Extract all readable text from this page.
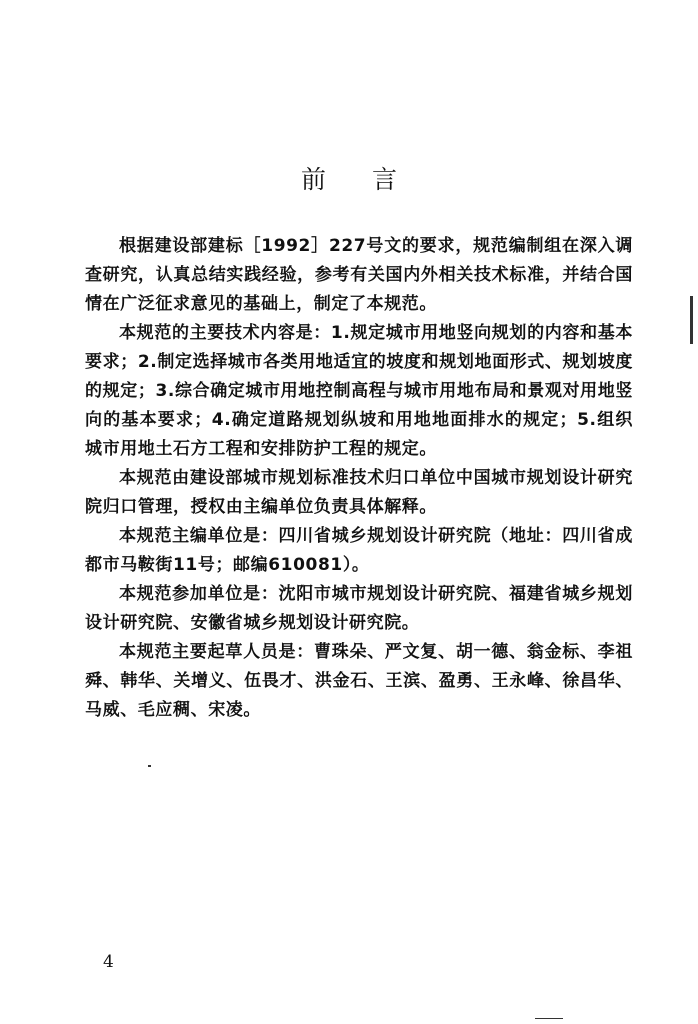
前言

根据建设部建标［1992］227号文的要求，规范编制组在深入调查研究，认真总结实践经验，参考有关国内外相关技术标准，并结合国情在广泛征求意见的基础上，制定了本规范。

本规范的主要技术内容是：1.规定城市用地竖向规划的内容和基本要求；2.制定选择城市各类用地适宜的坡度和规划地面形式、规划坡度的规定；3.综合确定城市用地控制高程与城市用地布局和景观对用地竖向的基本要求；4.确定道路规划纵坡和用地地面排水的规定；5.组织城市用地土石方工程和安排防护工程的规定。

本规范由建设部城市规划标准技术归口单位中国城市规划设计研究院归口管理，授权由主编单位负责具体解释。

本规范主编单位是：四川省城乡规划设计研究院（地址：四川省成都市马鞍街11号；邮编610081）。

本规范参加单位是：沈阳市城市规划设计研究院、福建省城乡规划设计研究院、安徽省城乡规划设计研究院。

本规范主要起草人员是：曹珠朵、严文复、胡一德、翁金标、李祖舜、韩华、关增义、伍畏才、洪金石、王滨、盈勇、王永峰、徐昌华、马威、毛应稠、宋凌。

4
